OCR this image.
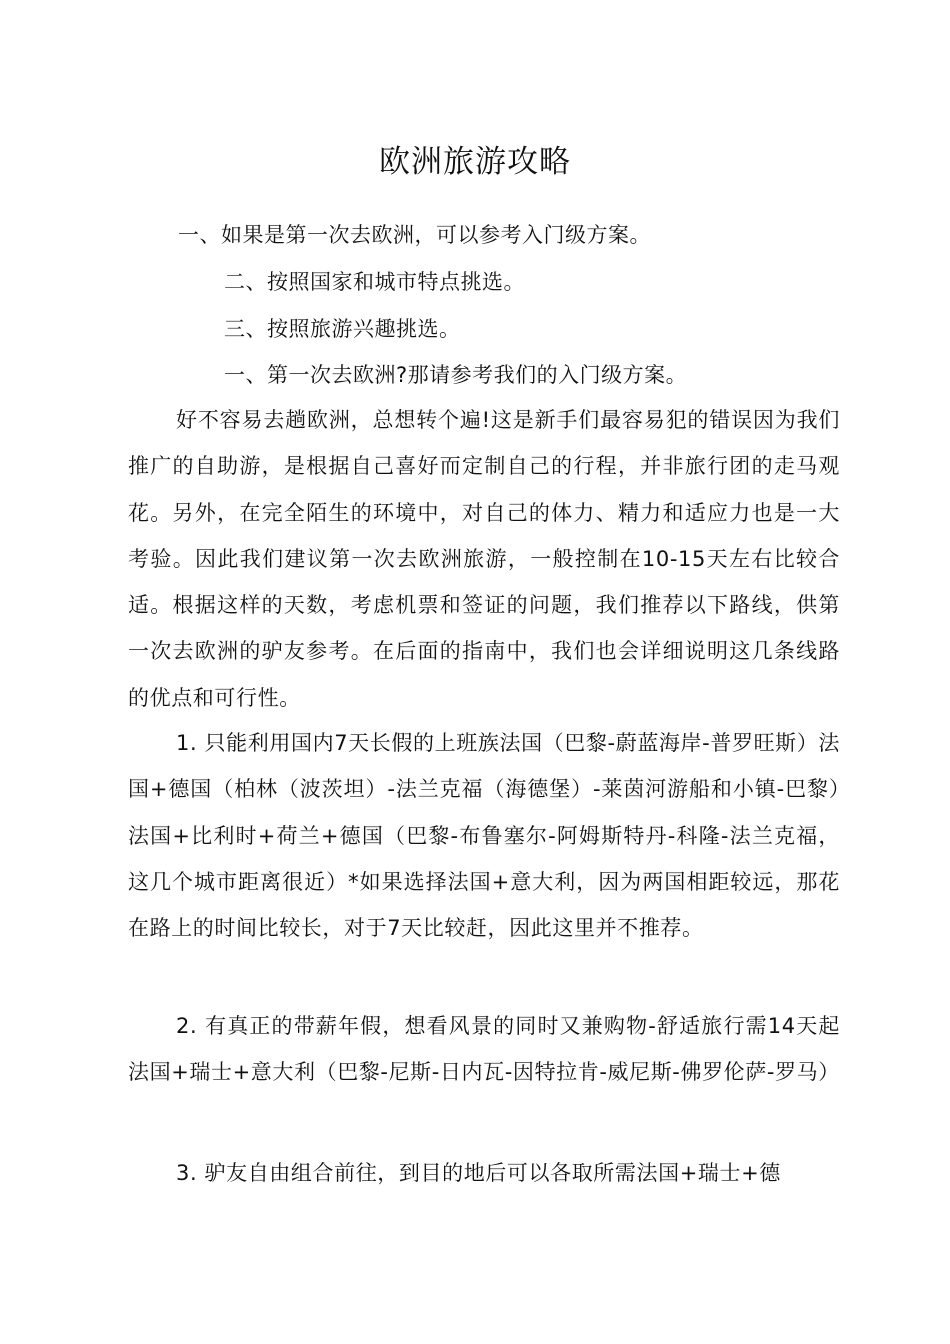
欧洲旅游攻略
一、如果是第一次去欧洲，可以参考入门级方案。
二、按照国家和城市特点挑选。
三、按照旅游兴趣挑选。
一、第一次去欧洲?那请参考我们的入门级方案。
好不容易去趟欧洲，总想转个遍!这是新手们最容易犯的错误因为我们推广的自助游，是根据自己喜好而定制自己的行程，并非旅行团的走马观花。另外，在完全陌生的环境中，对自己的体力、精力和适应力也是一大考验。因此我们建议第一次去欧洲旅游，一般控制在10-15天左右比较合适。根据这样的天数，考虑机票和签证的问题，我们推荐以下路线，供第一次去欧洲的驴友参考。在后面的指南中，我们也会详细说明这几条线路的优点和可行性。
1. 只能利用国内7天长假的上班族法国（巴黎-蔚蓝海岸-普罗旺斯）法国+德国（柏林（波茨坦）-法兰克福（海德堡）-莱茵河游船和小镇-巴黎）法国+比利时+荷兰+德国（巴黎-布鲁塞尔-阿姆斯特丹-科隆-法兰克福，这几个城市距离很近）*如果选择法国+意大利，因为两国相距较远，那花在路上的时间比较长，对于7天比较赶，因此这里并不推荐。
2. 有真正的带薪年假，想看风景的同时又兼购物-舒适旅行需14天起法国+瑞士+意大利（巴黎-尼斯-日内瓦-因特拉肯-威尼斯-佛罗伦萨-罗马）
3. 驴友自由组合前往，到目的地后可以各取所需法国+瑞士+德
